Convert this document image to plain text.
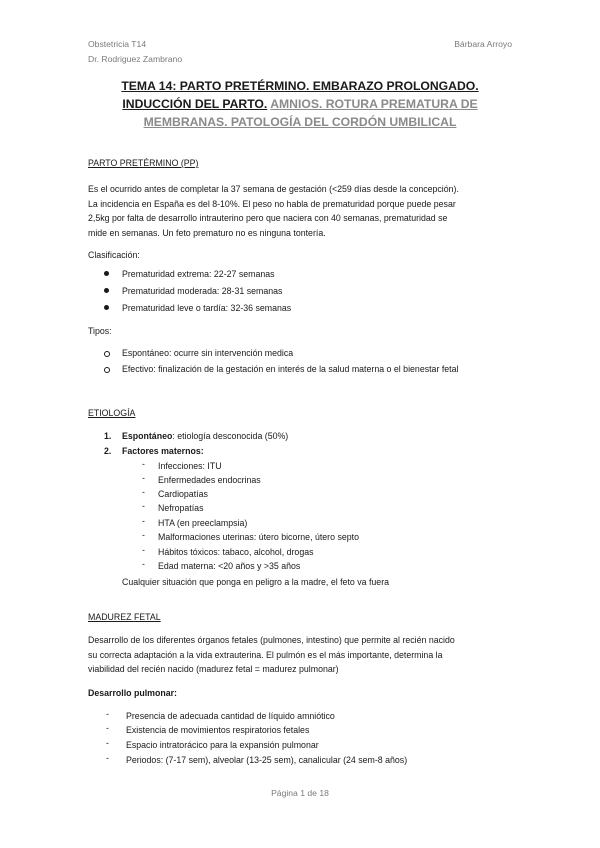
Obstetricia T14
Dr. Rodriguez Zambrano
Bárbara Arroyo
TEMA 14: PARTO PRETÉRMINO. EMBARAZO PROLONGADO. INDUCCIÓN DEL PARTO. AMNIOS. ROTURA PREMATURA DE MEMBRANAS. PATOLOGÍA DEL CORDÓN UMBILICAL
PARTO PRETÉRMINO (PP)
Es el ocurrido antes de completar la 37 semana de gestación (<259 días desde la concepción).
La incidencia en España es del 8-10%. El peso no habla de prematuridad porque puede pesar
2,5kg por falta de desarrollo intrauterino pero que naciera con 40 semanas, prematuridad se
mide en semanas. Un feto prematuro no es ninguna tontería.
Clasificación:
Prematuridad extrema: 22-27 semanas
Prematuridad moderada: 28-31 semanas
Prematuridad leve o tardía: 32-36 semanas
Tipos:
Espontáneo: ocurre sin intervención medica
Efectivo: finalización de la gestación en interés de la salud materna o el bienestar fetal
ETIOLOGÍA
1. Espontáneo: etiología desconocida (50%)
2. Factores maternos:
- Infecciones: ITU
- Enfermedades endocrinas
- Cardiopatías
- Nefropatías
- HTA (en preeclampsia)
- Malformaciones uterinas: útero bicorne, útero septo
- Hábitos tóxicos: tabaco, alcohol, drogas
- Edad materna: <20 años y >35 años
Cualquier situación que ponga en peligro a la madre, el feto va fuera
MADUREZ FETAL
Desarrollo de los diferentes órganos fetales (pulmones, intestino) que permite al recién nacido
su correcta adaptación a la vida extrauterina. El pulmón es el más importante, determina la
viabilidad del recién nacido (madurez fetal = madurez pulmonar)
Desarrollo pulmonar:
- Presencia de adecuada cantidad de líquido amniótico
- Existencia de movimientos respiratorios fetales
- Espacio intratorácico para la expansión pulmonar
- Periodos: (7-17 sem), alveolar (13-25 sem), canalicular (24 sem-8 años)
Página 1 de 18
